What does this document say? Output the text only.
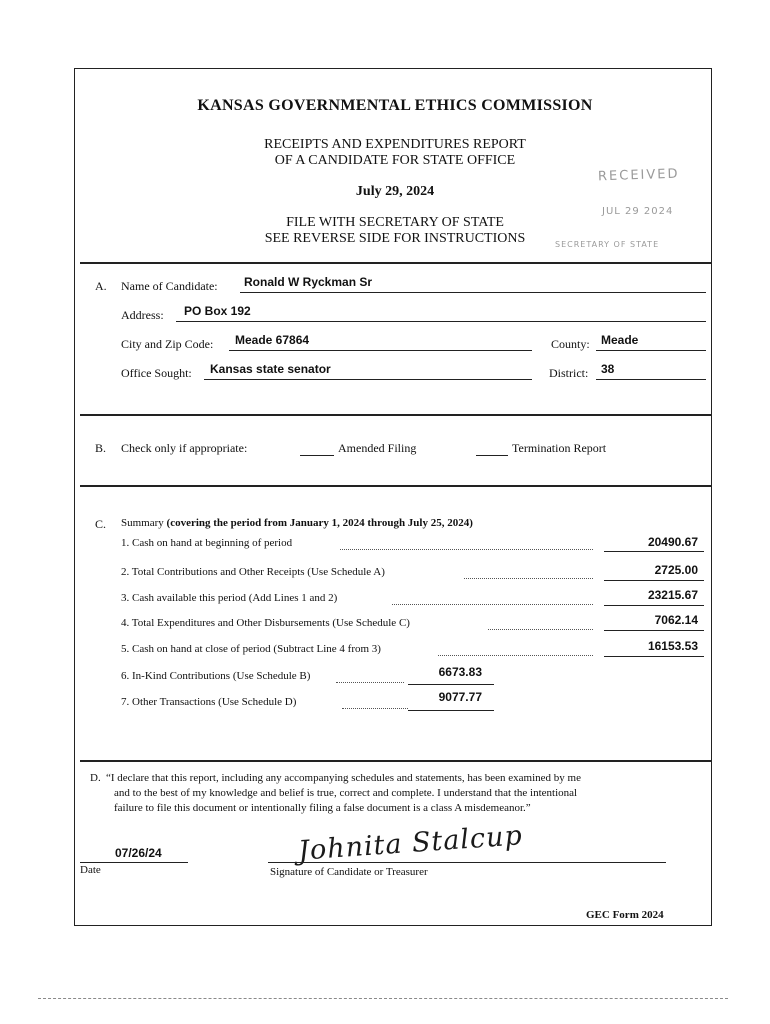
KANSAS GOVERNMENTAL ETHICS COMMISSION
RECEIPTS AND EXPENDITURES REPORT
OF A CANDIDATE FOR STATE OFFICE
July 29, 2024
FILE WITH SECRETARY OF STATE
SEE REVERSE SIDE FOR INSTRUCTIONS
RECEIVED
JUL 29 2024
SECRETARY OF STATE
A. Name of Candidate: Ronald W Ryckman Sr
Address: PO Box 192
City and Zip Code: Meade 67864	County: Meade
Office Sought: Kansas state senator	District: 38
B. Check only if appropriate:	Amended Filing	Termination Report
C. Summary (covering the period from January 1, 2024 through July 25, 2024)
1. Cash on hand at beginning of period	20490.67
2. Total Contributions and Other Receipts (Use Schedule A)	2725.00
3. Cash available this period (Add Lines 1 and 2)	23215.67
4. Total Expenditures and Other Disbursements (Use Schedule C)	7062.14
5. Cash on hand at close of period (Subtract Line 4 from 3)	16153.53
6. In-Kind Contributions (Use Schedule B)	6673.83
7. Other Transactions (Use Schedule D)	9077.77
D. “I declare that this report, including any accompanying schedules and statements, has been examined by me
and to the best of my knowledge and belief is true, correct and complete. I understand that the intentional
failure to file this document or intentionally filing a false document is a class A misdemeanor.”
07/26/24
Date
Johnita Stalcup
Signature of Candidate or Treasurer
GEC Form 2024
